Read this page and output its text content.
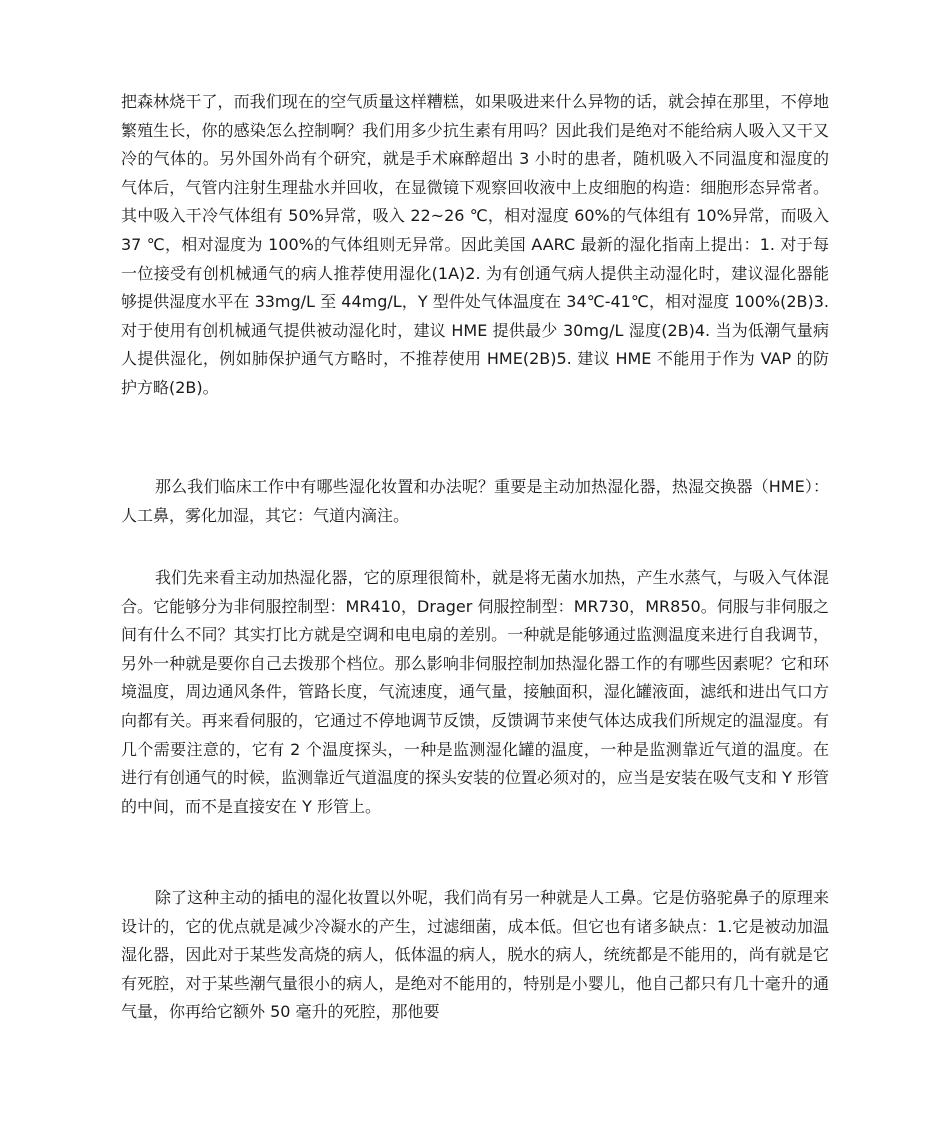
把森林烧干了，而我们现在的空气质量这样糟糕，如果吸进来什么异物的话，就会掉在那里，不停地繁殖生长，你的感染怎么控制啊？我们用多少抗生素有用吗？因此我们是绝对不能给病人吸入又干又冷的气体的。另外国外尚有个研究，就是手术麻醉超出 3 小时的患者，随机吸入不同温度和湿度的气体后，气管内注射生理盐水并回收，在显微镜下观察回收液中上皮细胞的构造：细胞形态异常者。其中吸入干冷气体组有 50%异常，吸入 22~26 ℃，相对湿度 60%的气体组有 10%异常，而吸入 37 ℃，相对湿度为 100%的气体组则无异常。因此美国 AARC 最新的湿化指南上提出：1. 对于每一位接受有创机械通气的病人推荐使用湿化(1A)2. 为有创通气病人提供主动湿化时，建议湿化器能够提供湿度水平在 33mg/L 至 44mg/L，Y 型件处气体温度在 34℃-41℃，相对湿度 100%(2B)3. 对于使用有创机械通气提供被动湿化时，建议 HME 提供最少 30mg/L 湿度(2B)4. 当为低潮气量病人提供湿化，例如肺保护通气方略时，不推荐使用 HME(2B)5. 建议 HME 不能用于作为 VAP 的防护方略(2B)。

那么我们临床工作中有哪些湿化妆置和办法呢？重要是主动加热湿化器，热湿交换器（HME）：人工鼻，雾化加湿，其它：气道内滴注。

我们先来看主动加热湿化器，它的原理很简朴，就是将无菌水加热，产生水蒸气，与吸入气体混合。它能够分为非伺服控制型：MR410，Drager 伺服控制型：MR730，MR850。伺服与非伺服之间有什么不同？其实打比方就是空调和电电扇的差别。一种就是能够通过监测温度来进行自我调节，另外一种就是要你自己去拨那个档位。那么影响非伺服控制加热湿化器工作的有哪些因素呢？它和环境温度，周边通风条件，管路长度，气流速度，通气量，接触面积，湿化罐液面，滤纸和进出气口方向都有关。再来看伺服的，它通过不停地调节反馈，反馈调节来使气体达成我们所规定的温湿度。有几个需要注意的，它有 2 个温度探头，一种是监测湿化罐的温度，一种是监测靠近气道的温度。在进行有创通气的时候，监测靠近气道温度的探头安装的位置必须对的，应当是安装在吸气支和 Y 形管的中间，而不是直接安在 Y 形管上。

除了这种主动的插电的湿化妆置以外呢，我们尚有另一种就是人工鼻。它是仿骆驼鼻子的原理来设计的，它的优点就是减少冷凝水的产生，过滤细菌，成本低。但它也有诸多缺点：1.它是被动加温湿化器，因此对于某些发高烧的病人，低体温的病人，脱水的病人，统统都是不能用的，尚有就是它有死腔，对于某些潮气量很小的病人，是绝对不能用的，特别是小婴儿，他自己都只有几十毫升的通气量，你再给它额外 50 毫升的死腔，那他要
